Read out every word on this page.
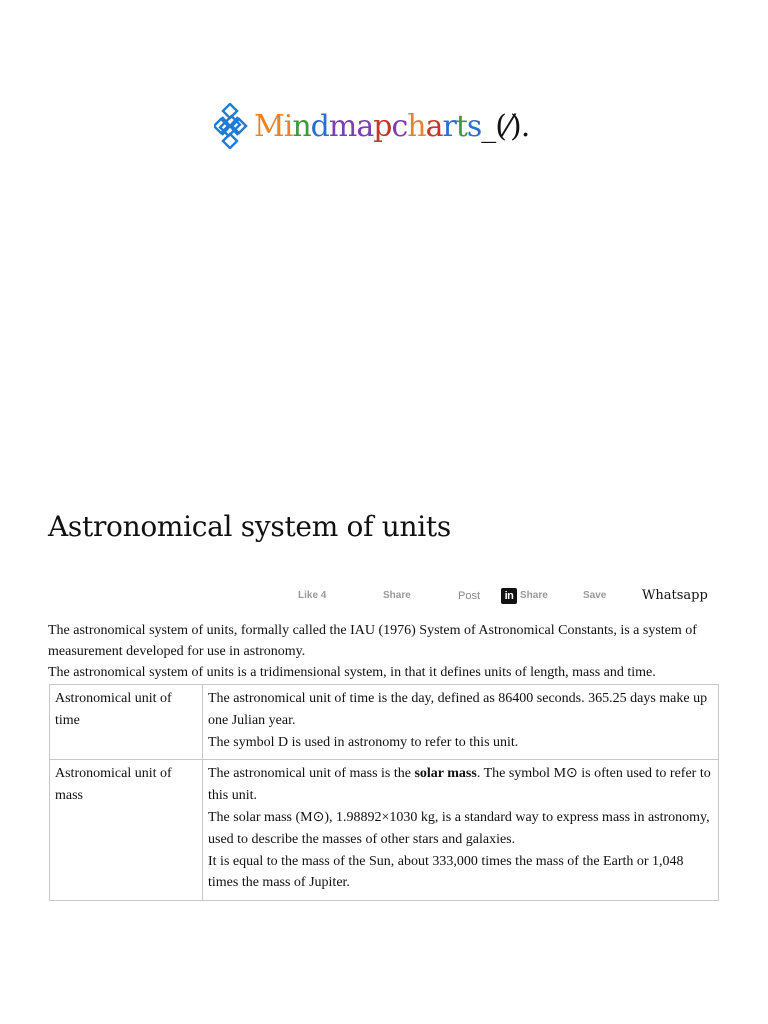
Mindmapcharts_(⁄).
Astronomical system of units
Like 4	Share	Post	in Share	Save	Whatsapp

The astronomical system of units, formally called the IAU (1976) System of Astronomical Constants, is a system of measurement developed for use in astronomy.

The astronomical system of units is a tridimensional system, in that it defines units of length, mass and time.

Astronomical unit of time	The astronomical unit of time is the day, defined as 86400 seconds. 365.25 days make up one Julian year.
The symbol D is used in astronomy to refer to this unit.

Astronomical unit of mass	The astronomical unit of mass is the solar mass. The symbol M⊙ is often used to refer to this unit.
The solar mass (M⊙), 1.98892×1030 kg, is a standard way to express mass in astronomy, used to describe the masses of other stars and galaxies.
It is equal to the mass of the Sun, about 333,000 times the mass of the Earth or 1,048 times the mass of Jupiter.
